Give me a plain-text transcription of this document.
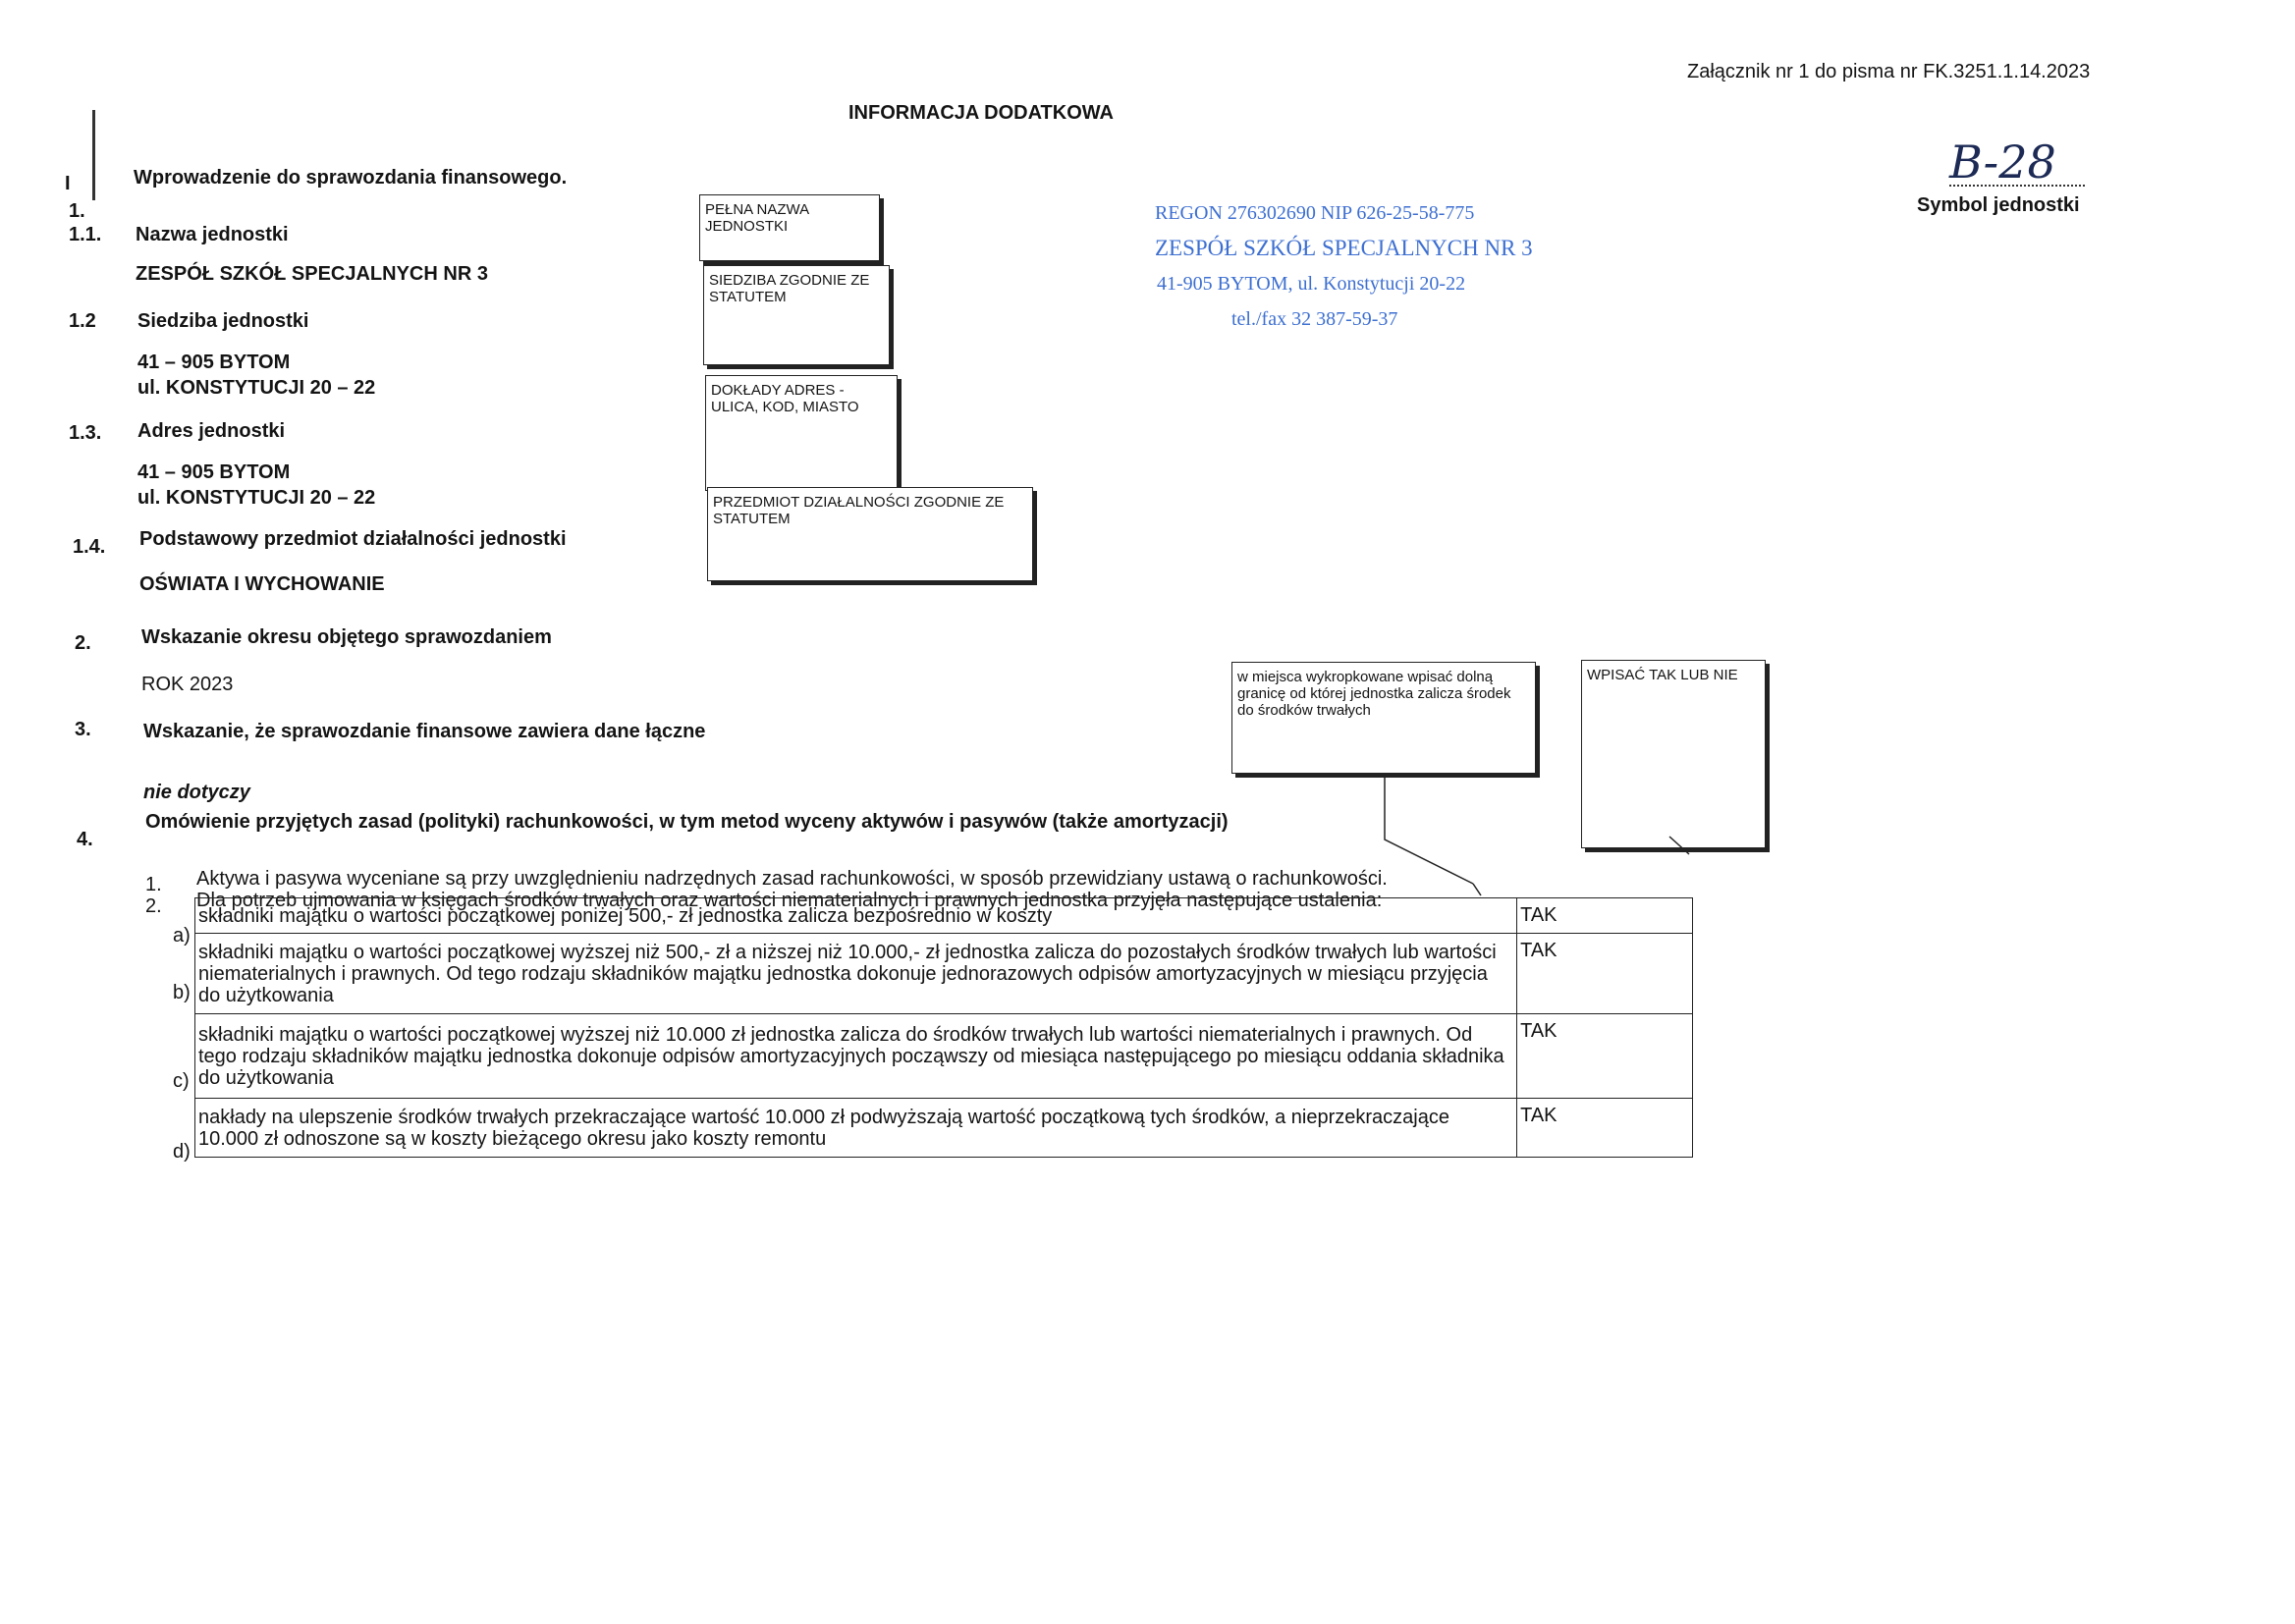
Załącznik nr 1 do pisma nr FK.3251.1.14.2023
INFORMACJA DODATKOWA
B-28
Symbol jednostki
REGON 276302690 NIP 626-25-58-775
ZESPÓŁ SZKÓŁ SPECJALNYCH NR 3
41-905 BYTOM, ul. Konstytucji 20-22
tel./fax 32 387-59-37
I
1.
Wprowadzenie do sprawozdania finansowego.
1.1. Nazwa jednostki
ZESPÓŁ SZKÓŁ SPECJALNYCH NR 3
1.2 Siedziba jednostki
41 – 905 BYTOM
ul. KONSTYTUCJI 20 – 22
1.3. Adres jednostki
41 – 905 BYTOM
ul. KONSTYTUCJI 20 – 22
1.4. Podstawowy przedmiot działalności jednostki
OŚWIATA I WYCHOWANIE
2.	Wskazanie okresu objętego sprawozdaniem
ROK 2023
3.	Wskazanie, że sprawozdanie finansowe zawiera dane łączne
nie dotyczy
4.
Omówienie przyjętych zasad (polityki) rachunkowości, w tym metod wyceny aktywów i pasywów (także amortyzacji)
PEŁNA NAZWA JEDNOSTKI
SIEDZIBA ZGODNIE ZE STATUTEM
DOKŁADY ADRES - ULICA, KOD, MIASTO
PRZEDMIOT DZIAŁALNOŚCI ZGODNIE ZE STATUTEM
w miejsca wykropkowane wpisać dolną granicę od której jednostka zalicza środek do środków trwałych
WPISAĆ TAK LUB NIE
1. Aktywa i pasywa wyceniane są przy uwzględnieniu nadrzędnych zasad rachunkowości, w sposób przewidziany ustawą o rachunkowości.
2. Dla potrzeb ujmowania w księgach środków trwałych oraz wartości niematerialnych i prawnych jednostka przyjęła następujące ustalenia:
a)
b)
c)
d)
składniki majątku o wartości początkowej poniżej 500,- zł jednostka zalicza bezpośrednio w koszty	TAK
składniki majątku o wartości początkowej wyższej niż 500,- zł a niższej niż 10.000,- zł jednostka zalicza do pozostałych środków trwałych lub wartości niematerialnych i prawnych. Od tego rodzaju składników majątku jednostka dokonuje jednorazowych odpisów amortyzacyjnych w miesiącu przyjęcia do użytkowania	TAK
składniki majątku o wartości początkowej wyższej niż 10.000 zł jednostka zalicza do środków trwałych lub wartości niematerialnych i prawnych. Od tego rodzaju składników majątku jednostka dokonuje odpisów amortyzacyjnych począwszy od miesiąca następującego po miesiącu oddania składnika do użytkowania	TAK
nakłady na ulepszenie środków trwałych przekraczające wartość 10.000 zł podwyższają wartość początkową tych środków, a nieprzekraczające 10.000 zł odnoszone są w koszty bieżącego okresu jako koszty remontu	TAK
